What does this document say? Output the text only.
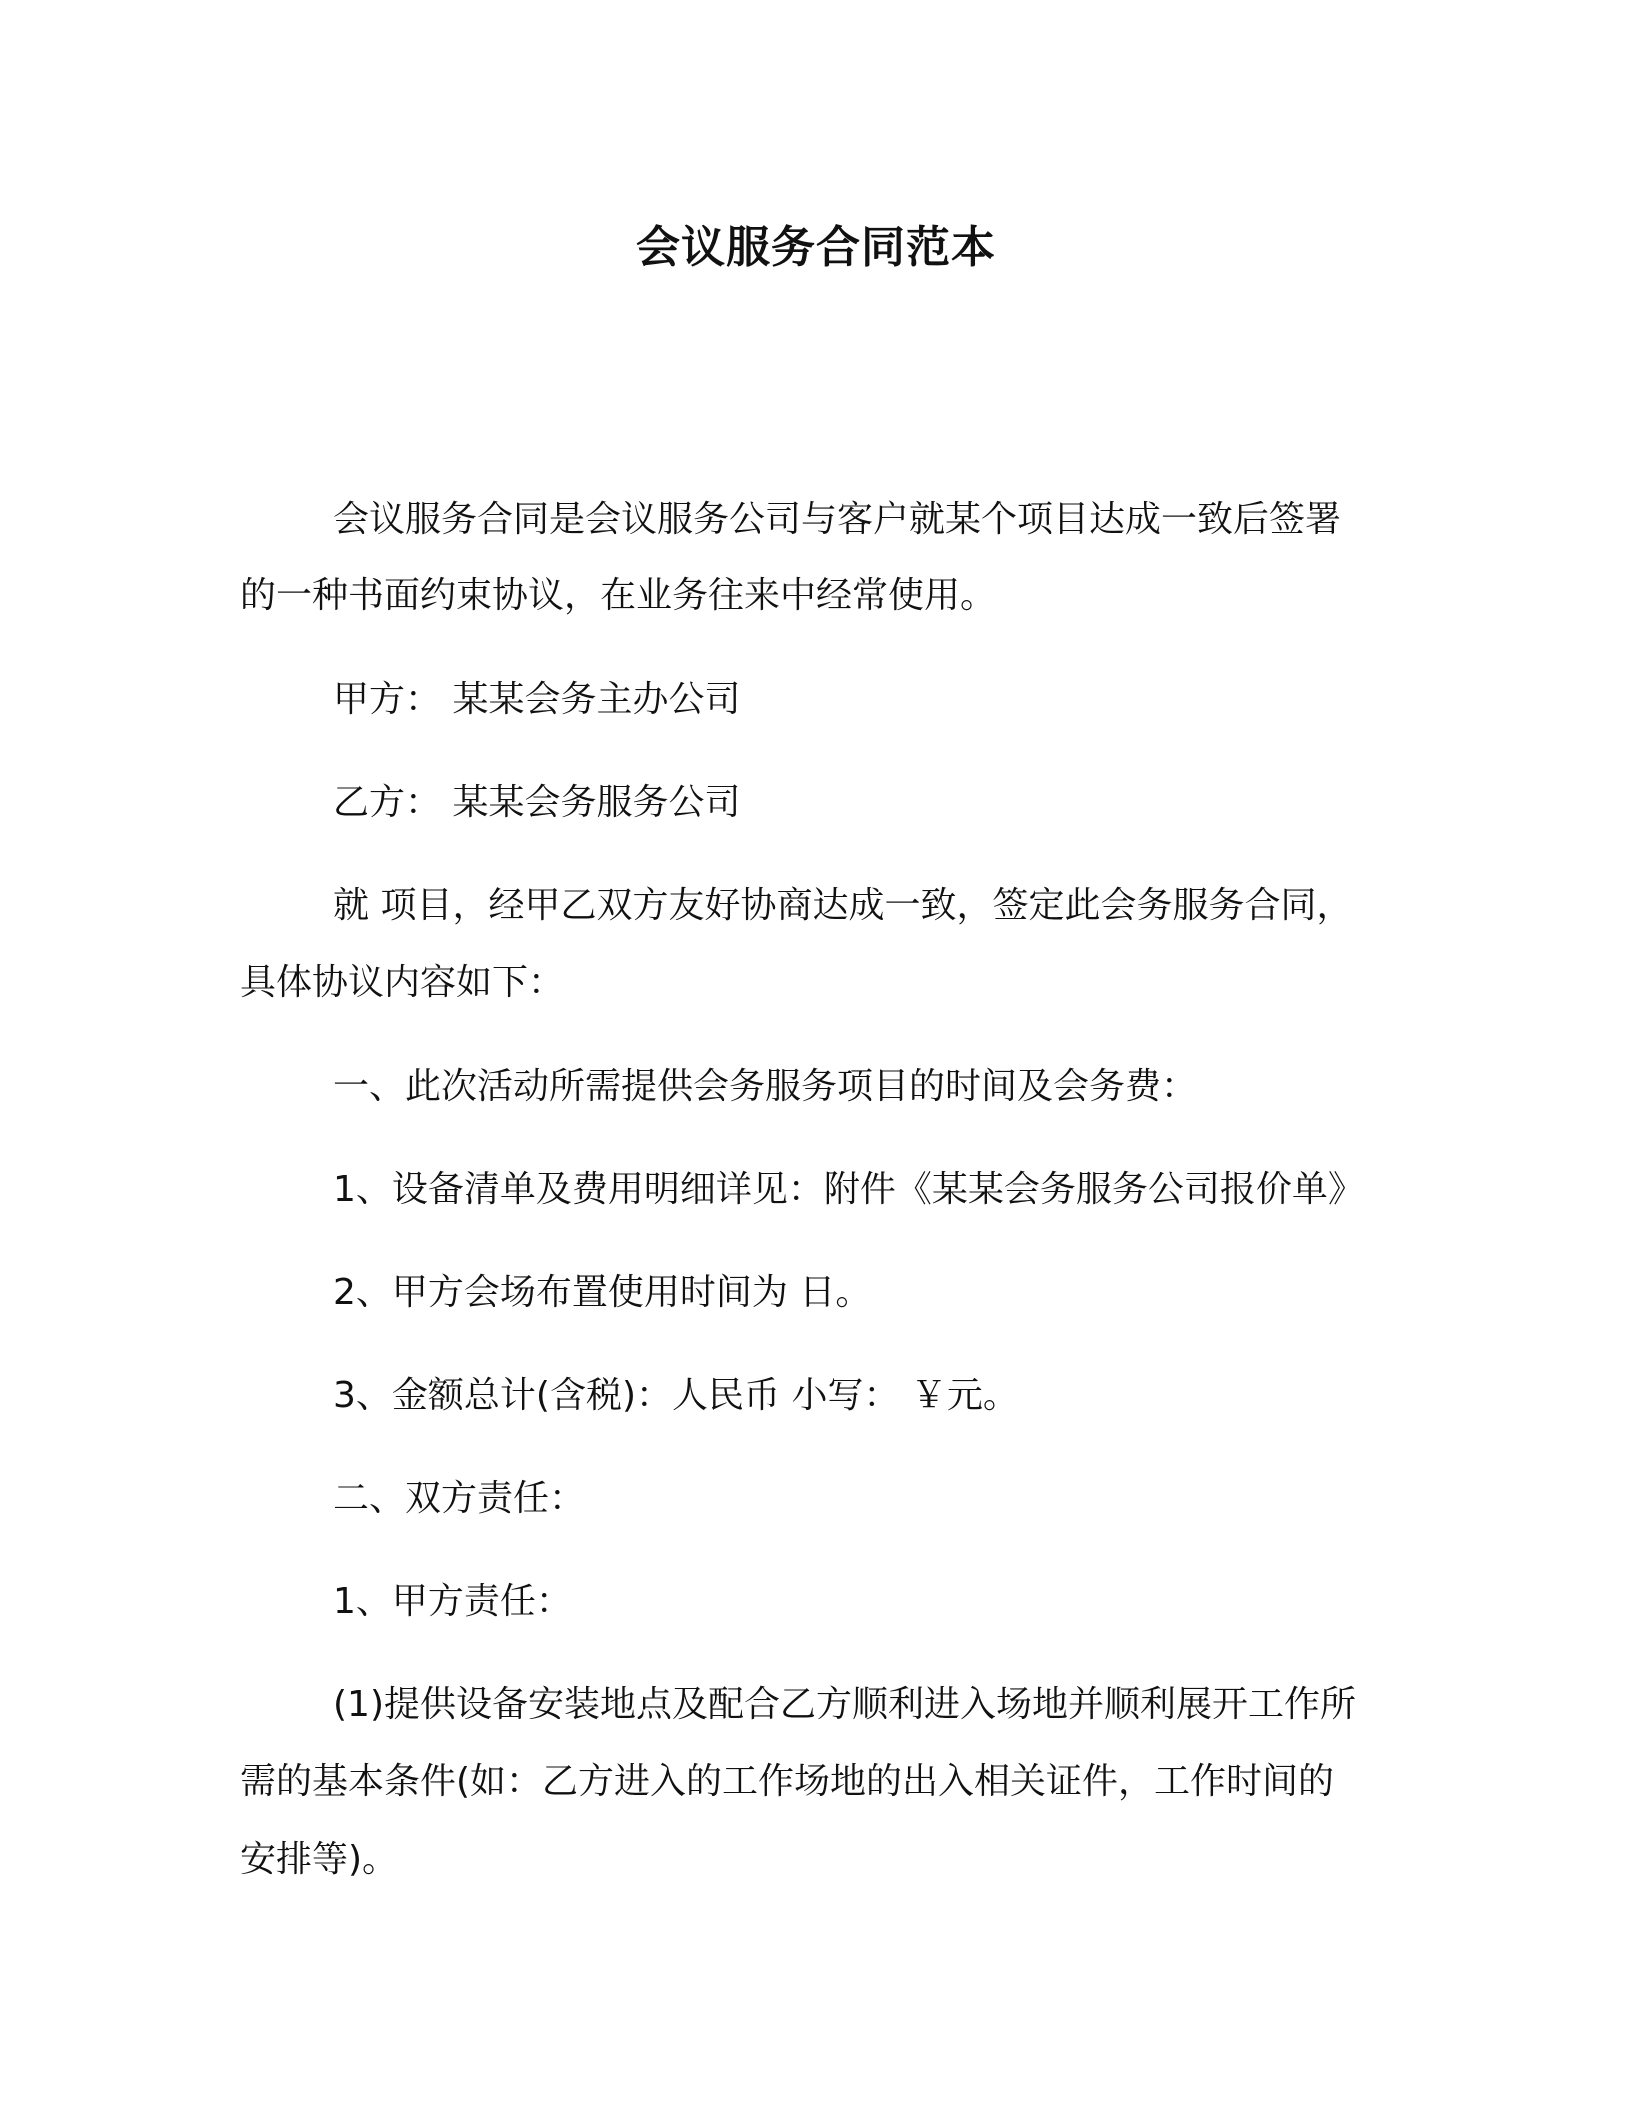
会议服务合同范本
会议服务合同是会议服务公司与客户就某个项目达成一致后签署
的一种书面约束协议，在业务往来中经常使用。
甲方： 某某会务主办公司
乙方： 某某会务服务公司
就 项目，经甲乙双方友好协商达成一致，签定此会务服务合同，
具体协议内容如下：
一、此次活动所需提供会务服务项目的时间及会务费：
1、设备清单及费用明细详见：附件《某某会务服务公司报价单》
2、甲方会场布置使用时间为 日。
3、金额总计(含税)：人民币 小写： ￥元。
二、双方责任：
1、甲方责任：
(1)提供设备安装地点及配合乙方顺利进入场地并顺利展开工作所
需的基本条件(如：乙方进入的工作场地的出入相关证件，工作时间的
安排等)。
